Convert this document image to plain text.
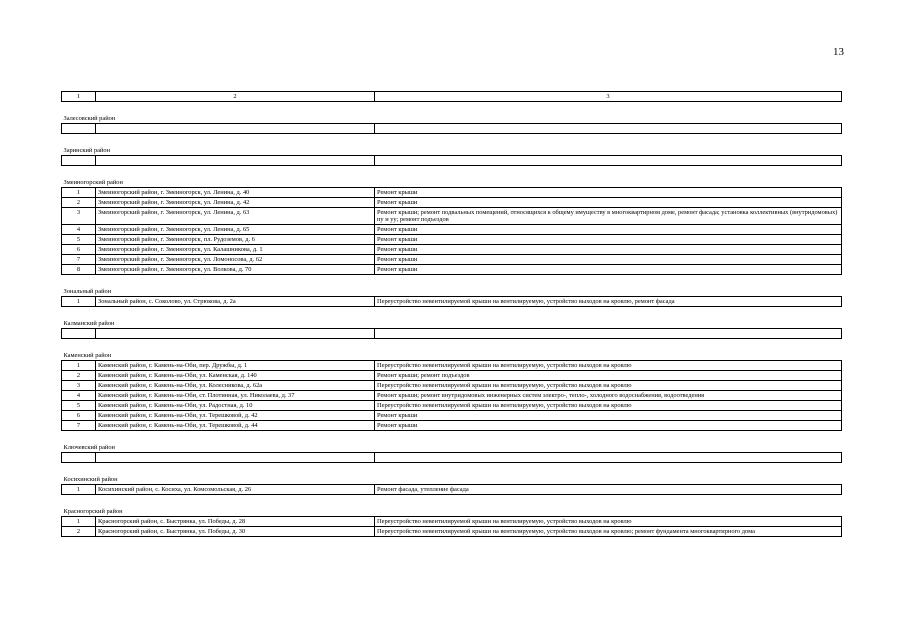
13
1	2	3
Залесовский район		

Заринский район		

Змеиногорский район		
1	Змеиногорский район, г. Змеиногорск, ул. Ленина, д. 40	Ремонт крыши
2	Змеиногорский район, г. Змеиногорск, ул. Ленина, д. 42	Ремонт крыши
3	Змеиногорский район, г. Змеиногорск, ул. Ленина, д. 63	Ремонт крыши; ремонт подвальных помещений, относящихся к общему имуществу в многоквартирном доме, ремонт фасада; установка коллективных (внутридомовых) пу и уу; ремонт подъездов
4	Змеиногорский район, г. Змеиногорск, ул. Ленина, д. 65	Ремонт крыши
5	Змеиногорский район, г. Змеиногорск, пл. Рудоземов, д. 6	Ремонт крыши
6	Змеиногорский район, г. Змеиногорск, ул. Калашникова, д. 1	Ремонт крыши
7	Змеиногорский район, г. Змеиногорск, ул. Ломоносова, д. 62	Ремонт крыши
8	Змеиногорский район, г. Змеиногорск, ул. Волкова, д. 70	Ремонт крыши
Зональный район		
1	Зональный район, с. Соколово, ул. Стрюкова, д. 2а	Переустройство невентилируемой крыши на вентилируемую, устройство выходов на кровлю, ремонт фасада
Калманский район		

Каменский район		
1	Каменский район, г. Камень-на-Оби, пер. Дружбы, д. 1	Переустройство невентилируемой крыши на вентилируемую, устройство выходов на кровлю
2	Каменский район, г. Камень-на-Оби, ул. Каменская, д. 140	Ремонт крыши; ремонт подъездов
3	Каменский район, г. Камень-на-Оби, ул. Колесникова, д. 62а	Переустройство невентилируемой крыши на вентилируемую, устройство выходов на кровлю
4	Каменский район, г. Камень-на-Оби, ст. Плотинная, ул. Николаева, д. 37	Ремонт крыши; ремонт внутридомовых инженерных систем электро-, тепло-, холодного водоснабжения, водоотведения
5	Каменский район, г. Камень-на-Оби, ул. Радостная, д. 10	Переустройство невентилируемой крыши на вентилируемую, устройство выходов на кровлю
6	Каменский район, г. Камень-на-Оби, ул. Терешковой, д. 42	Ремонт крыши
7	Каменский район, г. Камень-на-Оби, ул. Терешковой, д. 44	Ремонт крыши
Ключевский район		

Косихинский район		
1	Косихинский район, с. Косиха, ул. Комсомольская, д. 26	Ремонт фасада, утепление фасада
Красногорский район		
1	Красногорский район, с. Быстрянка, ул. Победы, д. 28	Переустройство невентилируемой крыши на вентилируемую, устройство выходов на кровлю
2	Красногорский район, с. Быстрянка, ул. Победы, д. 30	Переустройство невентилируемой крыши на вентилируемую, устройство выходов на кровлю; ремонт фундамента многоквартирного дома
